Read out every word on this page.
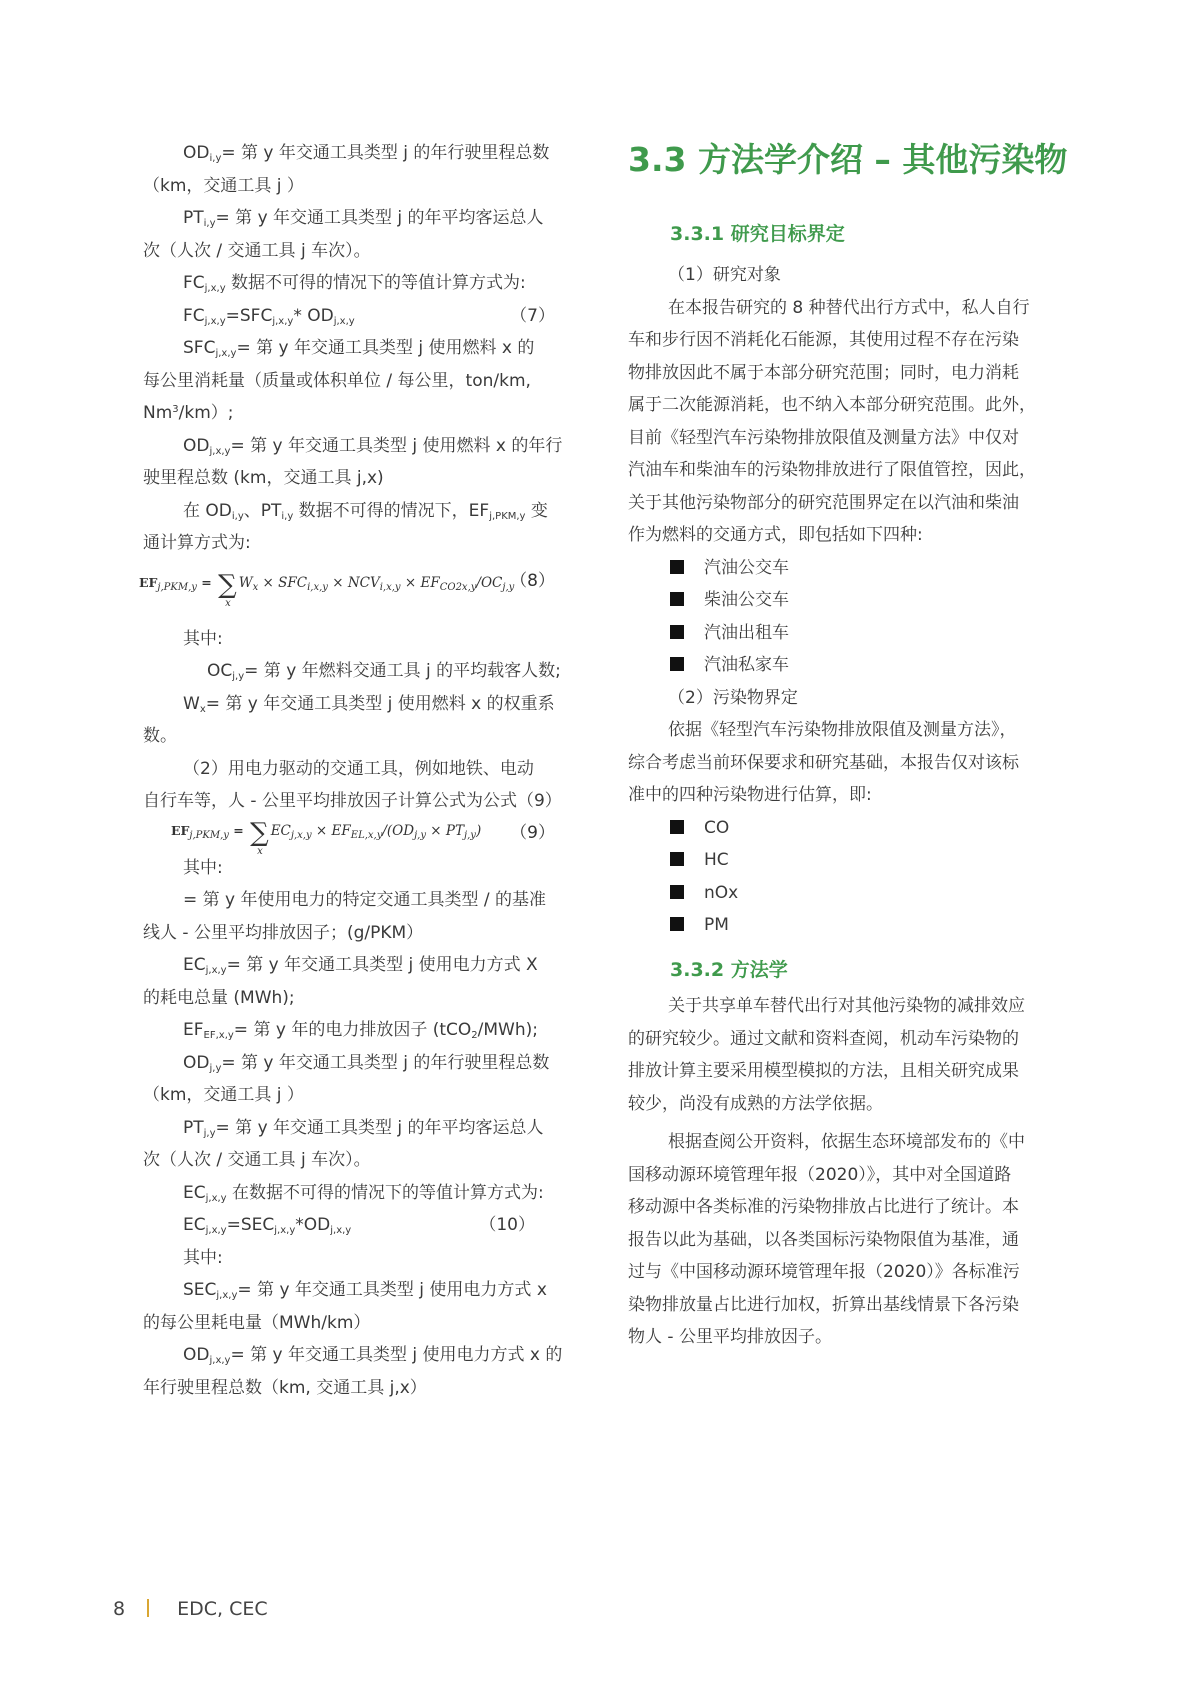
$OD_{i,y}=$ 第 y 年交通工具类型 j 的年行驶里程总数
（km，交通工具 j ）
$PT_{i,y}=$ 第 y 年交通工具类型 j 的年平均客运总人
次（人次 / 交通工具 j 车次）。
$FC_{j,x,y}$ 数据不可得的情况下的等值计算方式为:
$FC_{j,x,y}=SFC_{j,x,y}*$ $OD_{j,x,y}$	（7）
$SFC_{j,x,y}=$ 第 y 年交通工具类型 j 使用燃料 x 的
每公里消耗量（质量或体积单位 / 每公里，ton/km,
Nm$^3$/km）;
$OD_{j,x,y}=$ 第 y 年交通工具类型 j 使用燃料 x 的年行
驶里程总数 (km，交通工具 j,x)
在 $OD_{i,y}$、$PT_{i,y}$ 数据不可得的情况下，$EF_{j,PKM,y}$ 变
通计算方式为:
$EF_{j,PKM,y}$ = ∑
x
$W_x \times SFC_{i,x,y} \times NCV_{i,x,y} \times EF_{CO2x,y}/OC_{j,y}$
（8）
其中:
$OC_{j,y}=$ 第 y 年燃料交通工具 j 的平均载客人数;
$W_x=$ 第 y 年交通工具类型 j 使用燃料 x 的权重系
数。
（2）用电力驱动的交通工具，例如地铁、电动
自行车等，人 - 公里平均排放因子计算公式为公式（9）
$EF_{j,PKM,y}$ = ∑
x
$EC_{j,x,y} \times EF_{EL,x,y}/(OD_{j,y} \times PT_{j,y})$ （9）
其中:
= 第 y 年使用电力的特定交通工具类型 / 的基准
线人 - 公里平均排放因子；(g/PKM）
$EC_{j,x,y}=$ 第 y 年交通工具类型 j 使用电力方式 X
的耗电总量 (MWh);
$EF_{EF,x,y}=$ 第 y 年的电力排放因子 (tCO$_2$/MWh);
$OD_{j,y}=$ 第 y 年交通工具类型 j 的年行驶里程总数
（km，交通工具 j ）
$PT_{j,y}=$ 第 y 年交通工具类型 j 的年平均客运总人
次（人次 / 交通工具 j 车次）。
$EC_{j,x,y}$ 在数据不可得的情况下的等值计算方式为:
$EC_{j,x,y}=SEC_{j,x,y}*OD_{j,x,y}$	（10）
其中:
$SEC_{j,x,y}=$ 第 y 年交通工具类型 j 使用电力方式 x
的每公里耗电量（MWh/km）
$OD_{j,x,y}=$ 第 y 年交通工具类型 j 使用电力方式 x 的
年行驶里程总数（km, 交通工具 j,x）
3.3 方法学介绍 – 其他污染物
3.3.1 研究目标界定
（1）研究对象
在本报告研究的 8 种替代出行方式中，私人自行
车和步行因不消耗化石能源，其使用过程不存在污染
物排放因此不属于本部分研究范围；同时，电力消耗
属于二次能源消耗，也不纳入本部分研究范围。此外，
目前《轻型汽车污染物排放限值及测量方法》中仅对
汽油车和柴油车的污染物排放进行了限值管控，因此，
关于其他污染物部分的研究范围界定在以汽油和柴油
作为燃料的交通方式，即包括如下四种:
汽油公交车
柴油公交车
汽油出租车
汽油私家车
（2）污染物界定
依据《轻型汽车污染物排放限值及测量方法》，
综合考虑当前环保要求和研究基础，本报告仅对该标
准中的四种污染物进行估算，即:
CO
HC
nOx
PM
3.3.2 方法学
关于共享单车替代出行对其他污染物的减排效应
的研究较少。通过文献和资料查阅，机动车污染物的
排放计算主要采用模型模拟的方法，且相关研究成果
较少，尚没有成熟的方法学依据。
根据查阅公开资料，依据生态环境部发布的《中
国移动源环境管理年报（2020）》，其中对全国道路
移动源中各类标准的污染物排放占比进行了统计。本
报告以此为基础，以各类国标污染物限值为基准，通
过与《中国移动源环境管理年报（2020）》各标准污
染物排放量占比进行加权，折算出基线情景下各污染
物人 - 公里平均排放因子。
8	EDC, CEC
